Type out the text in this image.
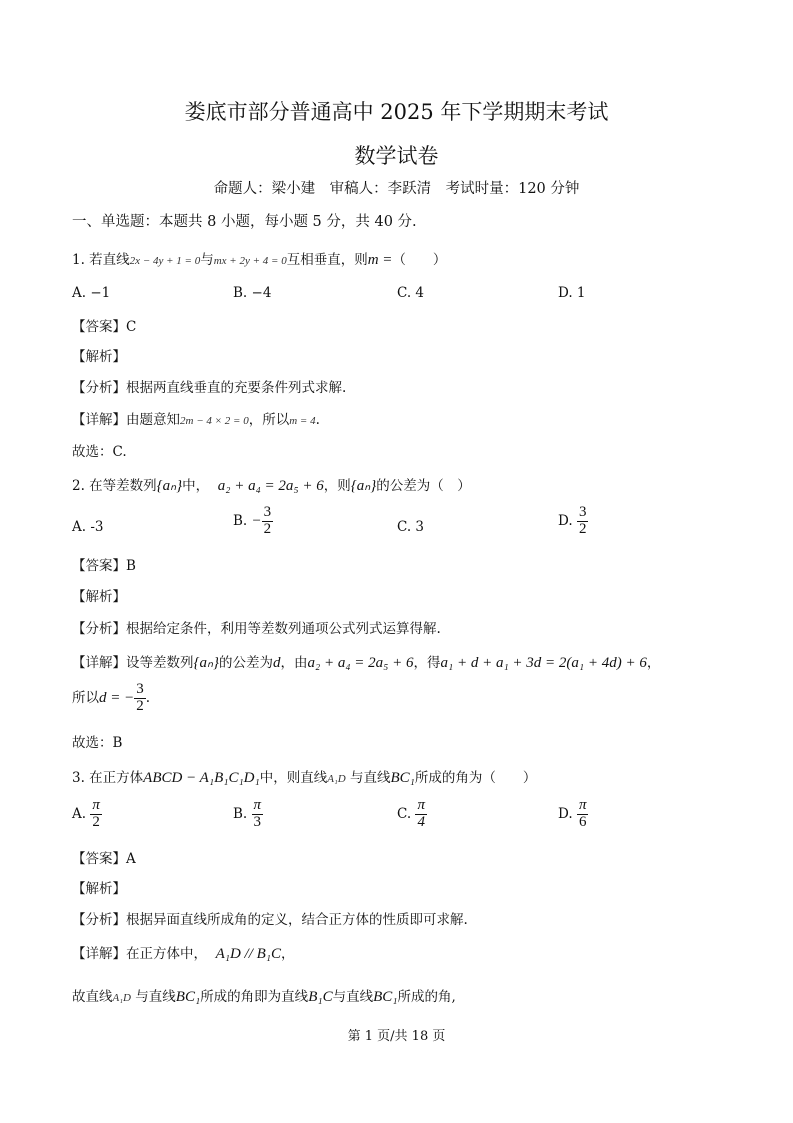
娄底市部分普通高中 2025 年下学期期末考试
数学试卷
命题人：梁小建　审稿人：李跃清　考试时量：120 分钟
一、单选题：本题共 8 小题，每小题 5 分，共 40 分.
1. 若直线2x − 4y + 1 = 0与mx + 2y + 4 = 0互相垂直，则m =（　　）
A. −1	B. −4	C. 4	D. 1
【答案】C
【解析】
【分析】根据两直线垂直的充要条件列式求解.
【详解】由题意知2m − 4 × 2 = 0，所以m = 4.
故选：C.
2. 在等差数列{aₙ}中， a₂ + a₄ = 2a₅ + 6，则{aₙ}的公差为（　）
A. -3	B. − $\frac{3}{2}$	C. 3	D. $\frac{3}{2}$
【答案】B
【解析】
【分析】根据给定条件，利用等差数列通项公式列式运算得解.
【详解】设等差数列{aₙ}的公差为d，由a₂ + a₄ = 2a₅ + 6，得a₁ + d + a₁ + 3d = 2(a₁ + 4d) + 6，
所以d = − $\frac{3}{2}$ .
故选：B
3. 在正方体ABCD − A₁B₁C₁D₁中，则直线A₁D 与直线BC₁所成的角为（　　）
A. $\frac{\pi}{2}$	B. $\frac{\pi}{3}$	C. $\frac{\pi}{4}$	D. $\frac{\pi}{6}$
【答案】A
【解析】
【分析】根据异面直线所成角的定义，结合正方体的性质即可求解.
【详解】在正方体中， A₁D // B₁C，
故直线A₁D 与直线BC₁所成的角即为直线B₁C与直线BC₁所成的角,
第 1 页/共 18 页
